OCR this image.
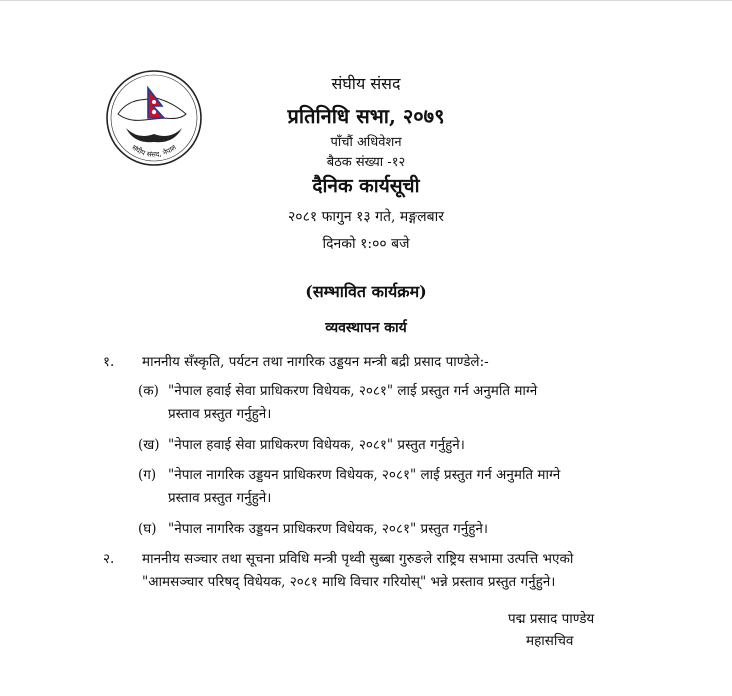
संघीय संसद, नेपाल
संघीय संसद
प्रतिनिधि सभा, २०७९
पाँचौं अधिवेशन
बैठक संख्या -१२
दैनिक कार्यसूची
२०८१ फागुन १३ गते, मङ्गलबार
दिनको १:०० बजे
(सम्भावित कार्यक्रम)
व्यवस्थापन कार्य
१. माननीय सँस्कृति, पर्यटन तथा नागरिक उड्डयन मन्त्री बद्री प्रसाद पाण्डेले:-
(क) "नेपाल हवाई सेवा प्राधिकरण विधेयक, २०८१" लाई प्रस्तुत गर्न अनुमति माग्ने
प्रस्ताव प्रस्तुत गर्नुहुने।
(ख) "नेपाल हवाई सेवा प्राधिकरण विधेयक, २०८१" प्रस्तुत गर्नुहुने।
(ग) "नेपाल नागरिक उड्डयन प्राधिकरण विधेयक, २०८१" लाई प्रस्तुत गर्न अनुमति माग्ने
प्रस्ताव प्रस्तुत गर्नुहुने।
(घ) "नेपाल नागरिक उड्डयन प्राधिकरण विधेयक, २०८१" प्रस्तुत गर्नुहुने।
२. माननीय सञ्चार तथा सूचना प्रविधि मन्त्री पृथ्वी सुब्बा गुरुङले राष्ट्रिय सभामा उत्पत्ति भएको
"आमसञ्चार परिषद् विधेयक, २०८१ माथि विचार गरियोस्" भन्ने प्रस्ताव प्रस्तुत गर्नुहुने।
पद्म प्रसाद पाण्डेय
महासचिव
